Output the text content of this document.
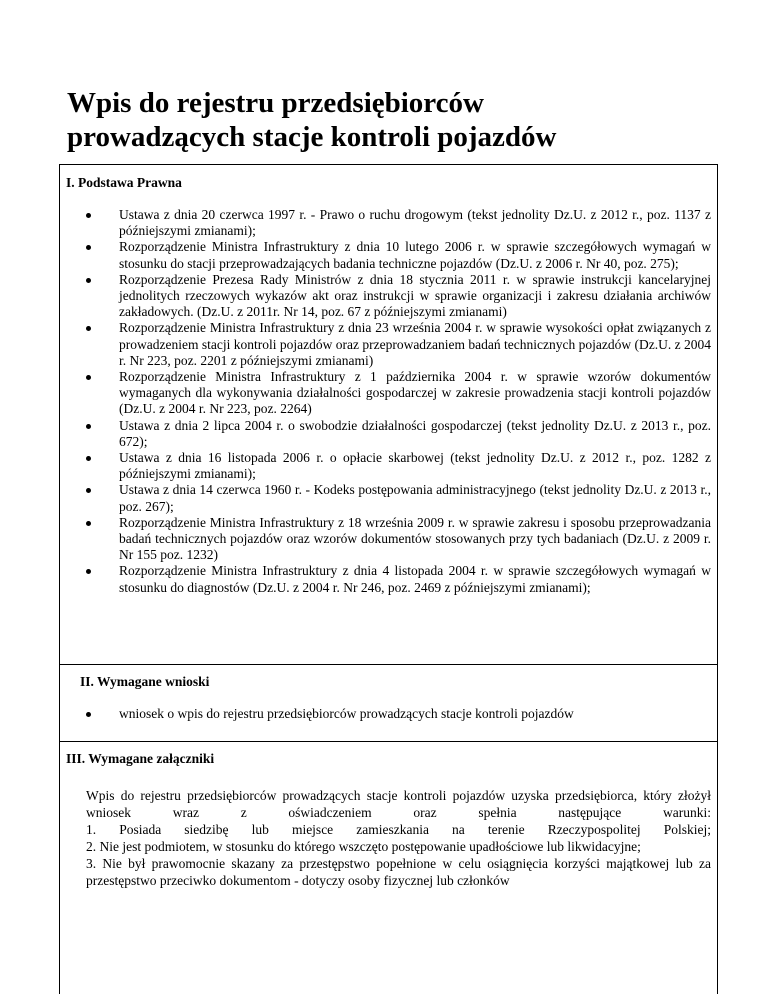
Wpis do rejestru przedsiębiorców
prowadzących stacje kontroli pojazdów
I. Podstawa Prawna
Ustawa z dnia 20 czerwca 1997 r. - Prawo o ruchu drogowym (tekst jednolity Dz.U. z 2012 r., poz. 1137 z późniejszymi zmianami);
Rozporządzenie Ministra Infrastruktury z dnia 10 lutego 2006 r. w sprawie szczegółowych wymagań w stosunku do stacji przeprowadzających badania techniczne pojazdów (Dz.U. z 2006 r. Nr 40, poz. 275);
Rozporządzenie Prezesa Rady Ministrów z dnia 18 stycznia 2011 r. w sprawie instrukcji kancelaryjnej jednolitych rzeczowych wykazów akt oraz instrukcji w sprawie organizacji i zakresu działania archiwów zakładowych. (Dz.U. z 2011r. Nr 14, poz. 67 z późniejszymi zmianami)
Rozporządzenie Ministra Infrastruktury z dnia 23 września 2004 r. w sprawie wysokości opłat związanych z prowadzeniem stacji kontroli pojazdów oraz przeprowadzaniem badań technicznych pojazdów (Dz.U. z 2004 r. Nr 223, poz. 2201 z późniejszymi zmianami)
Rozporządzenie Ministra Infrastruktury z 1 października 2004 r. w sprawie wzorów dokumentów wymaganych dla wykonywania działalności gospodarczej w zakresie prowadzenia stacji kontroli pojazdów (Dz.U. z 2004 r. Nr 223, poz. 2264)
Ustawa z dnia 2 lipca 2004 r. o swobodzie działalności gospodarczej (tekst jednolity Dz.U. z 2013 r., poz. 672);
Ustawa z dnia 16 listopada 2006 r. o opłacie skarbowej (tekst jednolity Dz.U. z 2012 r., poz. 1282 z późniejszymi zmianami);
Ustawa z dnia 14 czerwca 1960 r. - Kodeks postępowania administracyjnego (tekst jednolity Dz.U. z 2013 r., poz. 267);
Rozporządzenie Ministra Infrastruktury z 18 września 2009 r. w sprawie zakresu i sposobu przeprowadzania badań technicznych pojazdów oraz wzorów dokumentów stosowanych przy tych badaniach (Dz.U. z 2009 r. Nr 155 poz. 1232)
Rozporządzenie Ministra Infrastruktury z dnia 4 listopada 2004 r. w sprawie szczegółowych wymagań w stosunku do diagnostów (Dz.U. z 2004 r. Nr 246, poz. 2469 z późniejszymi zmianami);
II. Wymagane wnioski
wniosek o wpis do rejestru przedsiębiorców prowadzących stacje kontroli pojazdów
III. Wymagane załączniki
Wpis do rejestru przedsiębiorców prowadzących stacje kontroli pojazdów uzyska przedsiębiorca, który złożył wniosek wraz z oświadczeniem oraz spełnia następujące warunki:
1. Posiada siedzibę lub miejsce zamieszkania na terenie Rzeczypospolitej Polskiej;
2. Nie jest podmiotem, w stosunku do którego wszczęto postępowanie upadłościowe lub likwidacyjne;
3. Nie był prawomocnie skazany za przestępstwo popełnione w celu osiągnięcia korzyści majątkowej lub za przestępstwo przeciwko dokumentom - dotyczy osoby fizycznej lub członków
